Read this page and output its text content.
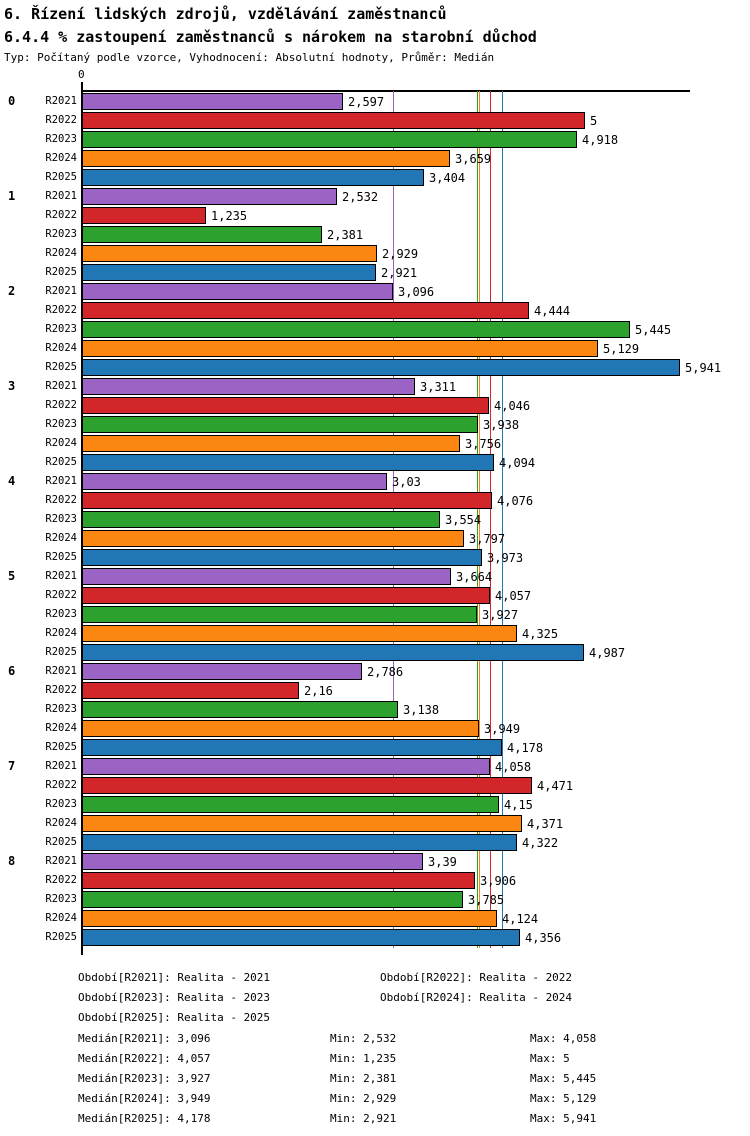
6. Řízení lidských zdrojů, vzdělávání zaměstnanců
6.4.4 % zastoupení zaměstnanců s nárokem na starobní důchod
Typ: Počítaný podle vzorce, Vyhodnocení: Absolutní hodnoty, Průměr: Medián
0
0	R2021	2,597
R2022	5
R2023	4,918
R2024	3,659
R2025	3,404
1	R2021	2,532
R2022	1,235
R2023	2,381
R2024	2,929
R2025	2,921
2	R2021	3,096
R2022	4,444
R2023	5,445
R2024	5,129
R2025	5,941
3	R2021	3,311
R2022	4,046
R2023	3,938
R2024	3,756
R2025	4,094
4	R2021	3,03
R2022	4,076
R2023	3,554
R2024	3,797
R2025	3,973
5	R2021	3,664
R2022	4,057
R2023	3,927
R2024	4,325
R2025	4,987
6	R2021	2,786
R2022	2,16
R2023	3,138
R2024	3,949
R2025	4,178
7	R2021	4,058
R2022	4,471
R2023	4,15
R2024	4,371
R2025	4,322
8	R2021	3,39
R2022	3,906
R2023	3,785
R2024	4,124
R2025	4,356
Období[R2021]: Realita - 2021	Období[R2022]: Realita - 2022
Období[R2023]: Realita - 2023	Období[R2024]: Realita - 2024
Období[R2025]: Realita - 2025
Medián[R2021]: 3,096	Min: 2,532	Max: 4,058
Medián[R2022]: 4,057	Min: 1,235	Max: 5
Medián[R2023]: 3,927	Min: 2,381	Max: 5,445
Medián[R2024]: 3,949	Min: 2,929	Max: 5,129
Medián[R2025]: 4,178	Min: 2,921	Max: 5,941
